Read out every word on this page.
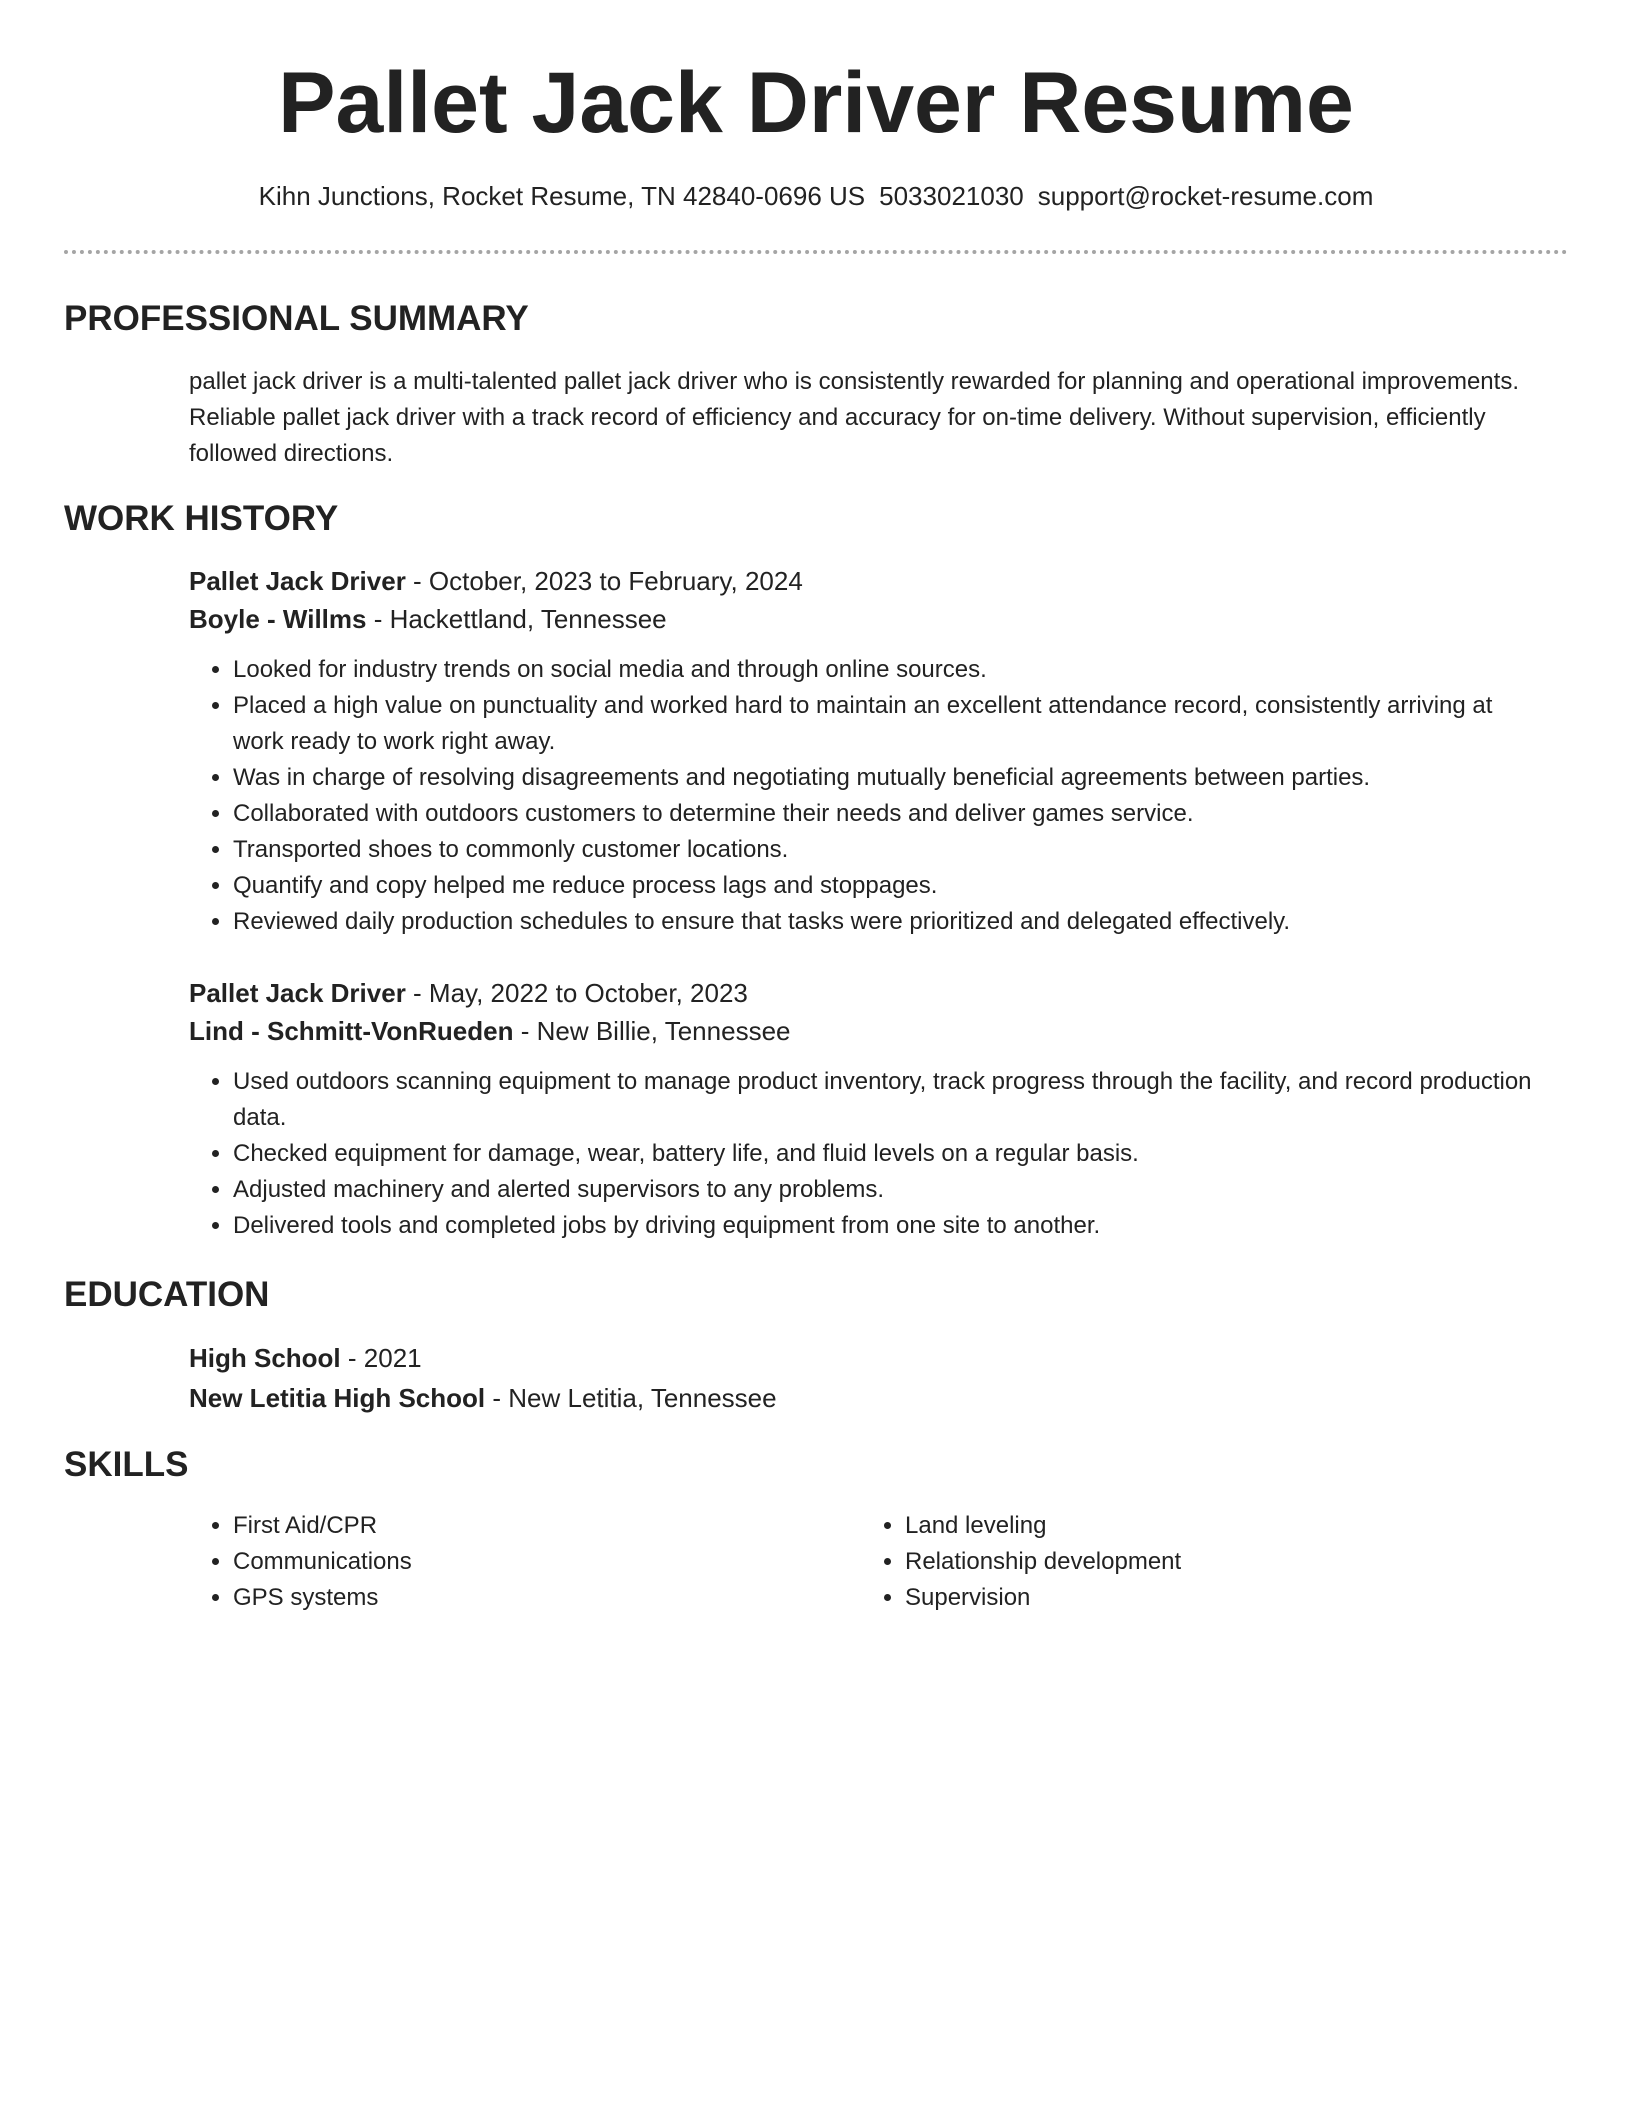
Pallet Jack Driver Resume
Kihn Junctions, Rocket Resume, TN 42840-0696 US 5033021030 support@rocket-resume.com
PROFESSIONAL SUMMARY

pallet jack driver is a multi-talented pallet jack driver who is consistently rewarded for planning and operational improvements. Reliable pallet jack driver with a track record of efficiency and accuracy for on-time delivery. Without supervision, efficiently followed directions.

WORK HISTORY

Pallet Jack Driver - October, 2023 to February, 2024

Boyle - Willms - Hackettland, Tennessee

• Looked for industry trends on social media and through online sources.
• Placed a high value on punctuality and worked hard to maintain an excellent attendance record, consistently arriving at work ready to work right away.
• Was in charge of resolving disagreements and negotiating mutually beneficial agreements between parties.
• Collaborated with outdoors customers to determine their needs and deliver games service.
• Transported shoes to commonly customer locations.
• Quantify and copy helped me reduce process lags and stoppages.
• Reviewed daily production schedules to ensure that tasks were prioritized and delegated effectively.

Pallet Jack Driver - May, 2022 to October, 2023

Lind - Schmitt-VonRueden - New Billie, Tennessee

• Used outdoors scanning equipment to manage product inventory, track progress through the facility, and record production data.
• Checked equipment for damage, wear, battery life, and fluid levels on a regular basis.
• Adjusted machinery and alerted supervisors to any problems.
• Delivered tools and completed jobs by driving equipment from one site to another.
EDUCATION

High School - 2021

New Letitia High School - New Letitia, Tennessee

SKILLS
• First Aid/CPR
• Communications
• GPS systems
• Land leveling
• Relationship development
• Supervision
